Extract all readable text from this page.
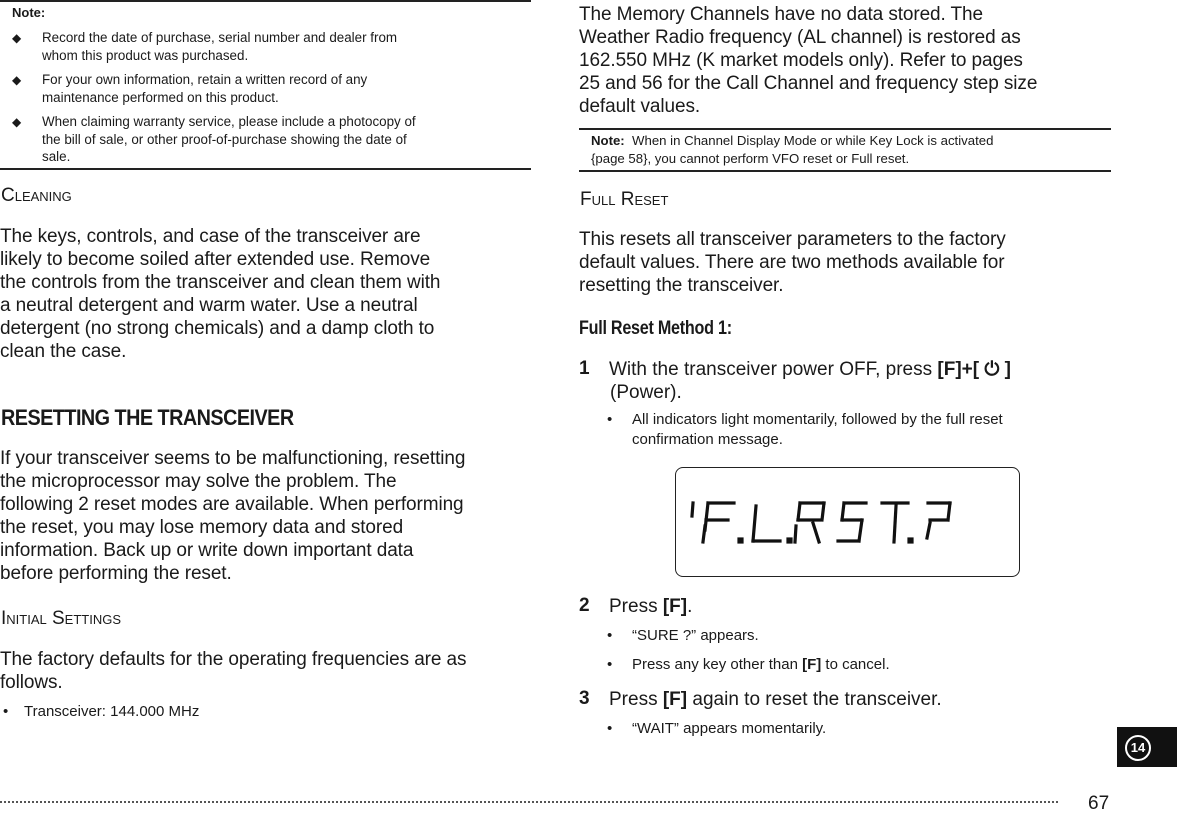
Note:
◆ Record the date of purchase, serial number and dealer from
whom this product was purchased.
◆ For your own information, retain a written record of any
maintenance performed on this product.
◆ When claiming warranty service, please include a photocopy of
the bill of sale, or other proof-of-purchase showing the date of
sale.
Cleaning
The keys, controls, and case of the transceiver are
likely to become soiled after extended use. Remove
the controls from the transceiver and clean them with
a neutral detergent and warm water. Use a neutral
detergent (no strong chemicals) and a damp cloth to
clean the case.
RESETTING THE TRANSCEIVER
If your transceiver seems to be malfunctioning, resetting
the microprocessor may solve the problem. The
following 2 reset modes are available. When performing
the reset, you may lose memory data and stored
information. Back up or write down important data
before performing the reset.
Initial Settings
The factory defaults for the operating frequencies are as
follows.
• Transceiver: 144.000 MHz
The Memory Channels have no data stored. The
Weather Radio frequency (AL channel) is restored as
162.550 MHz (K market models only). Refer to pages
25 and 56 for the Call Channel and frequency step size
default values.
Note: When in Channel Display Mode or while Key Lock is activated
{page 58}, you cannot perform VFO reset or Full reset.
Full Reset
This resets all transceiver parameters to the factory
default values. There are two methods available for
resetting the transceiver.
Full Reset Method 1:
1 With the transceiver power OFF, press [F]+[ ⏻ ]
(Power).
• All indicators light momentarily, followed by the full reset
confirmation message.
2 Press [F].
• “SURE ?” appears.
• Press any key other than [F] to cancel.
3 Press [F] again to reset the transceiver.
• “WAIT” appears momentarily.
14
67
